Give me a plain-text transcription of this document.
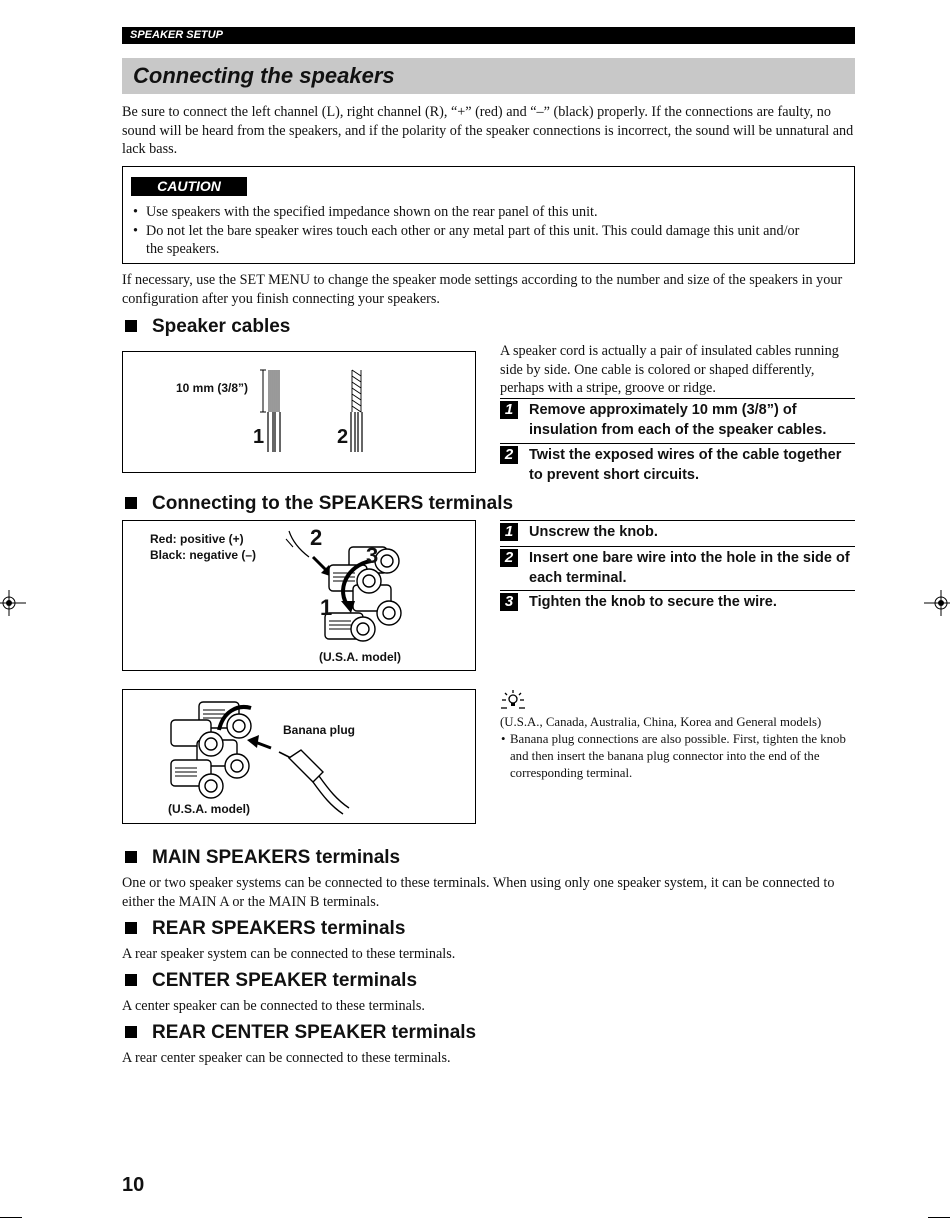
SPEAKER SETUP
Connecting the speakers

Be sure to connect the left channel (L), right channel (R), “+” (red) and “–” (black) properly. If the connections are faulty, no sound will be heard from the speakers, and if the polarity of the speaker connections is incorrect, the sound will be unnatural and lack bass.

CAUTION
• Use speakers with the specified impedance shown on the rear panel of this unit.
• Do not let the bare speaker wires touch each other or any metal part of this unit. This could damage this unit and/or the speakers.

If necessary, use the SET MENU to change the speaker mode settings according to the number and size of the speakers in your configuration after you finish connecting your speakers.

Speaker cables
10 mm (3/8”)
1	2

A speaker cord is actually a pair of insulated cables running side by side. One cable is colored or shaped differently, perhaps with a stripe, groove or ridge.

1	Remove approximately 10 mm (3/8”) of insulation from each of the speaker cables.
2	Twist the exposed wires of the cable together to prevent short circuits.
Connecting to the SPEAKERS terminals
Red: positive (+)
Black: negative (–)
2
3
1
(U.S.A. model)
1	Unscrew the knob.
2	Insert one bare wire into the hole in the side of each terminal.
3	Tighten the knob to secure the wire.
Banana plug
(U.S.A. model)

(U.S.A., Canada, Australia, China, Korea and General models)

• Banana plug connections are also possible. First, tighten the knob and then insert the banana plug connector into the end of the corresponding terminal.
MAIN SPEAKERS terminals

One or two speaker systems can be connected to these terminals. When using only one speaker system, it can be connected to either the MAIN A or the MAIN B terminals.

REAR SPEAKERS terminals

A rear speaker system can be connected to these terminals.

CENTER SPEAKER terminals

A center speaker can be connected to these terminals.

REAR CENTER SPEAKER terminals

A rear center speaker can be connected to these terminals.

10
